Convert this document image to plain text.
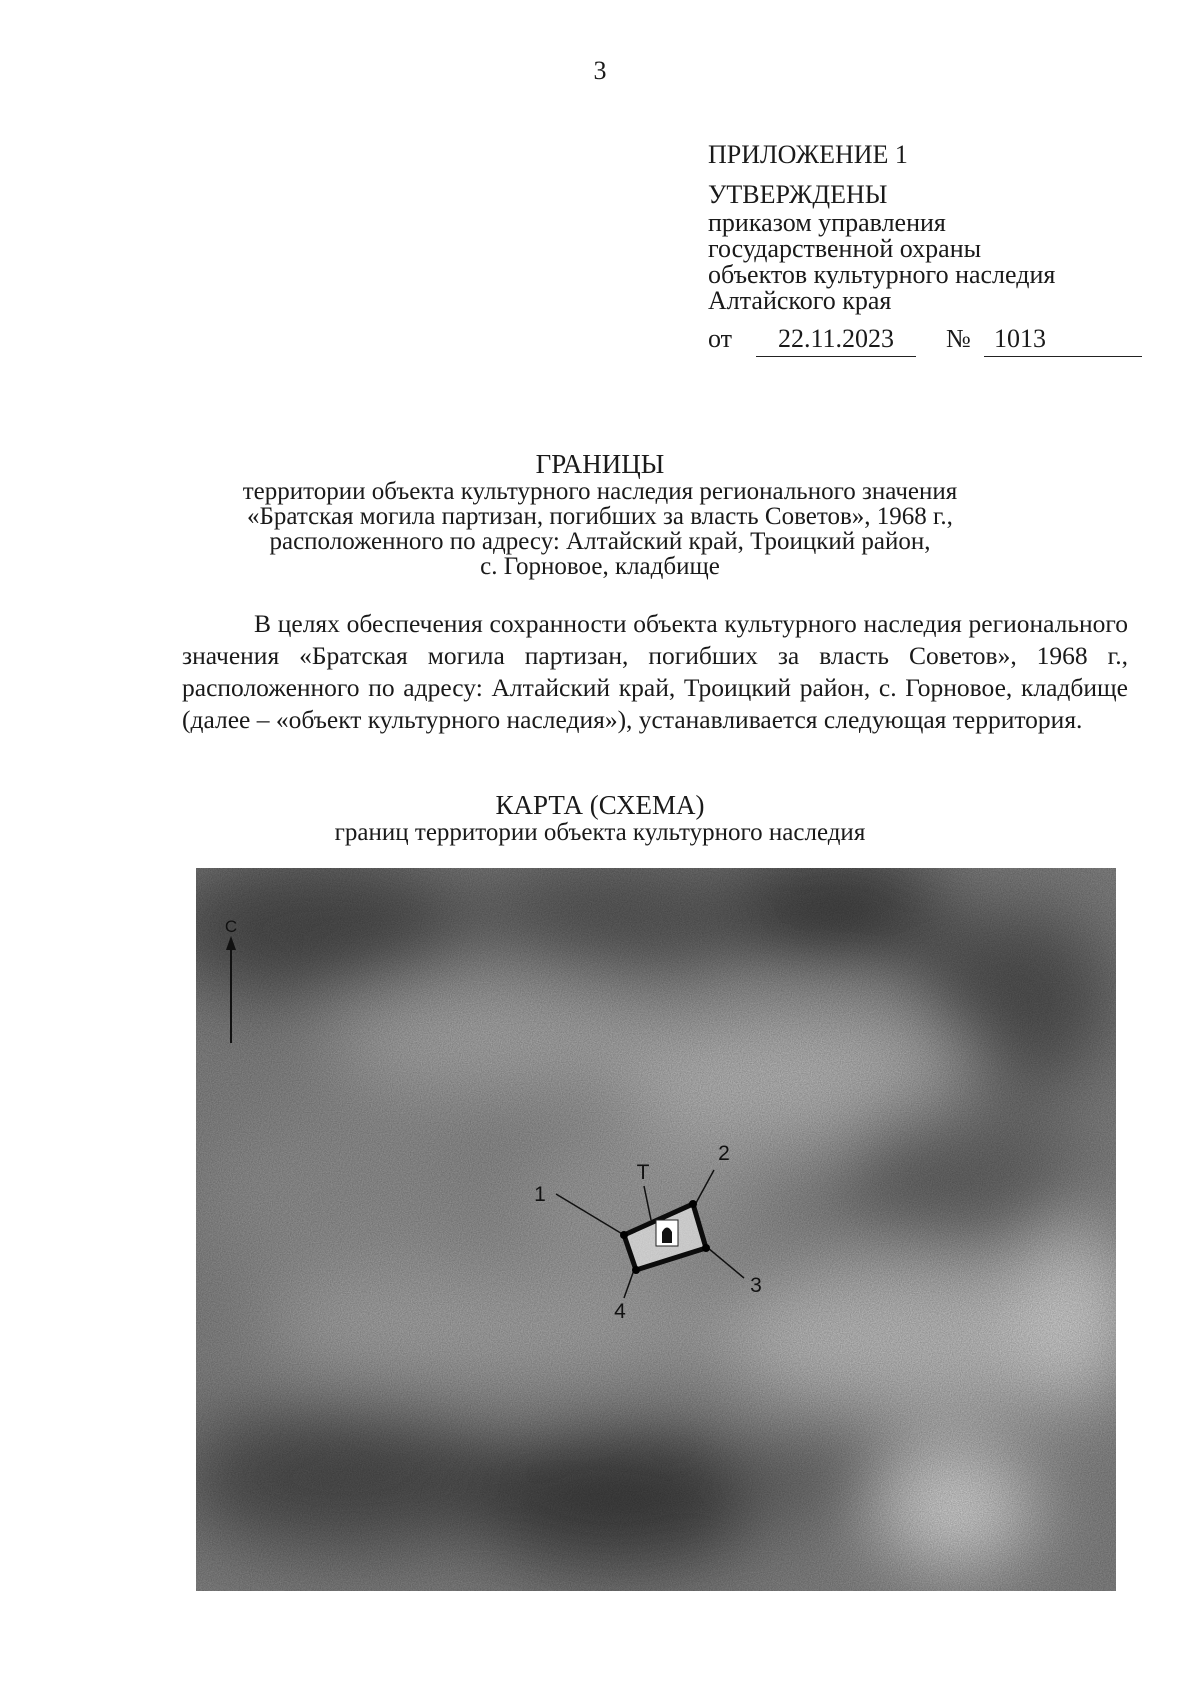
3
ПРИЛОЖЕНИЕ 1
УТВЕРЖДЕНЫ
приказом управления
государственной охраны
объектов культурного наследия
Алтайского края
от	22.11.2023	№ 1013
ГРАНИЦЫ
территории объекта культурного наследия регионального значения
«Братская могила партизан, погибших за власть Советов», 1968 г.,
расположенного по адресу: Алтайский край, Троицкий район,
с. Горновое, кладбище
В целях обеспечения сохранности объекта культурного наследия регионального значения «Братская могила партизан, погибших за власть Советов», 1968 г., расположенного по адресу: Алтайский край, Троицкий район, с. Горновое, кладбище (далее – «объект культурного наследия»), устанавливается следующая территория.
КАРТА (СХЕМА)
границ территории объекта культурного наследия
С
1
2
3
4
Т
